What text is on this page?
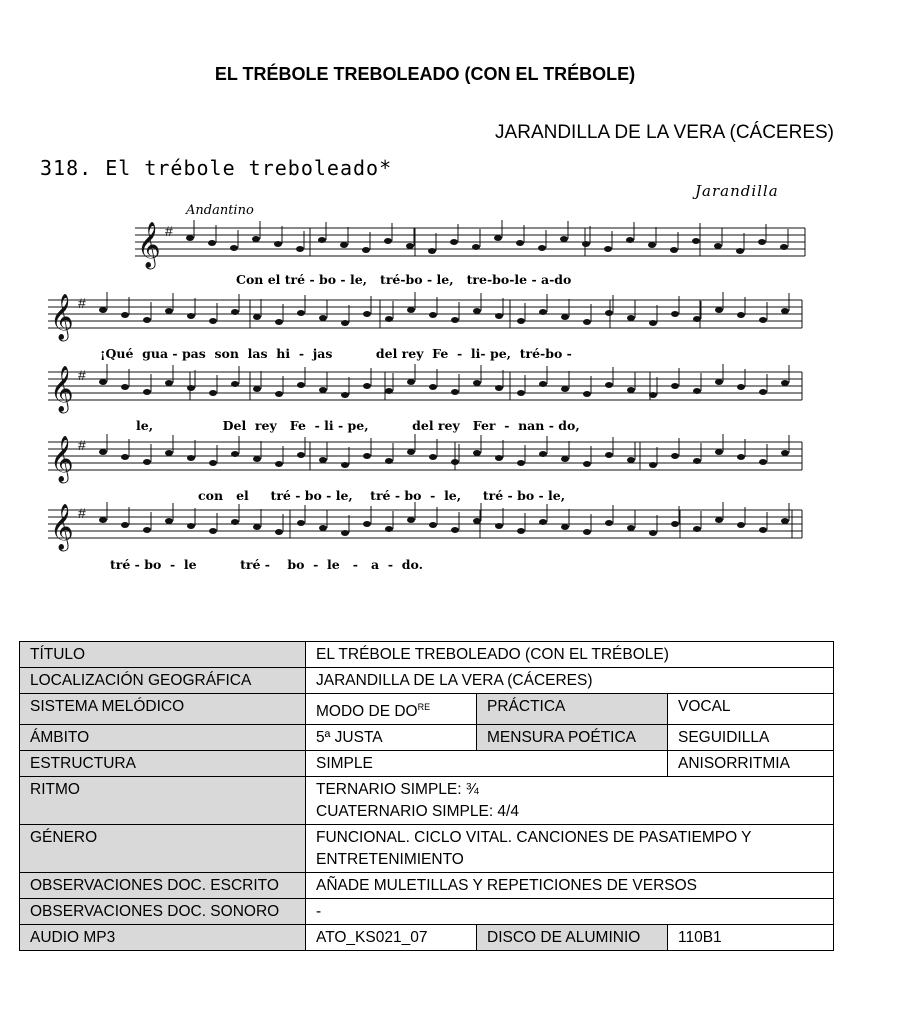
EL TRÉBOLE TREBOLEADO (CON EL TRÉBOLE)
JARANDILLA DE LA VERA (CÁCERES)
318. El trébole treboleado*
Jarandilla
Andantino
𝄞 #
𝄞 #
𝄞 #
𝄞 #
𝄞 #
Con el tré - bo - le,   tré-bo - le,   tre-bo-le - a-do
¡Qué  gua - pas  son  las  hi  -  jas          del rey  Fe  -  li- pe,  tré-bo -
le,                Del  rey   Fe  - li - pe,          del rey   Fer  -  nan - do,
con   el     tré - bo - le,    tré - bo  -  le,     tré - bo - le,
tré - bo  -  le          tré -    bo  -  le   -   a  -  do.
TÍTULO	EL TRÉBOLE TREBOLEADO (CON EL TRÉBOLE)		
LOCALIZACIÓN GEOGRÁFICA	JARANDILLA DE LA VERA (CÁCERES)		
SISTEMA MELÓDICO	MODO DE $DO^{RE}$	PRÁCTICA	VOCAL
ÁMBITO	5ª JUSTA	MENSURA POÉTICA	SEGUIDILLA
ESTRUCTURA	SIMPLE		ANISORRITMIA
RITMO	TERNARIO SIMPLE: ¾
CUATERNARIO SIMPLE: 4/4		

GÉNERO	FUNCIONAL. CICLO VITAL. CANCIONES DE PASATIEMPO Y ENTRETENIMIENTO		
OBSERVACIONES DOC. ESCRITO	AÑADE MULETILLAS Y REPETICIONES DE VERSOS		
OBSERVACIONES DOC. SONORO	-		
AUDIO MP3	ATO_KS021_07	DISCO DE ALUMINIO	110B1
